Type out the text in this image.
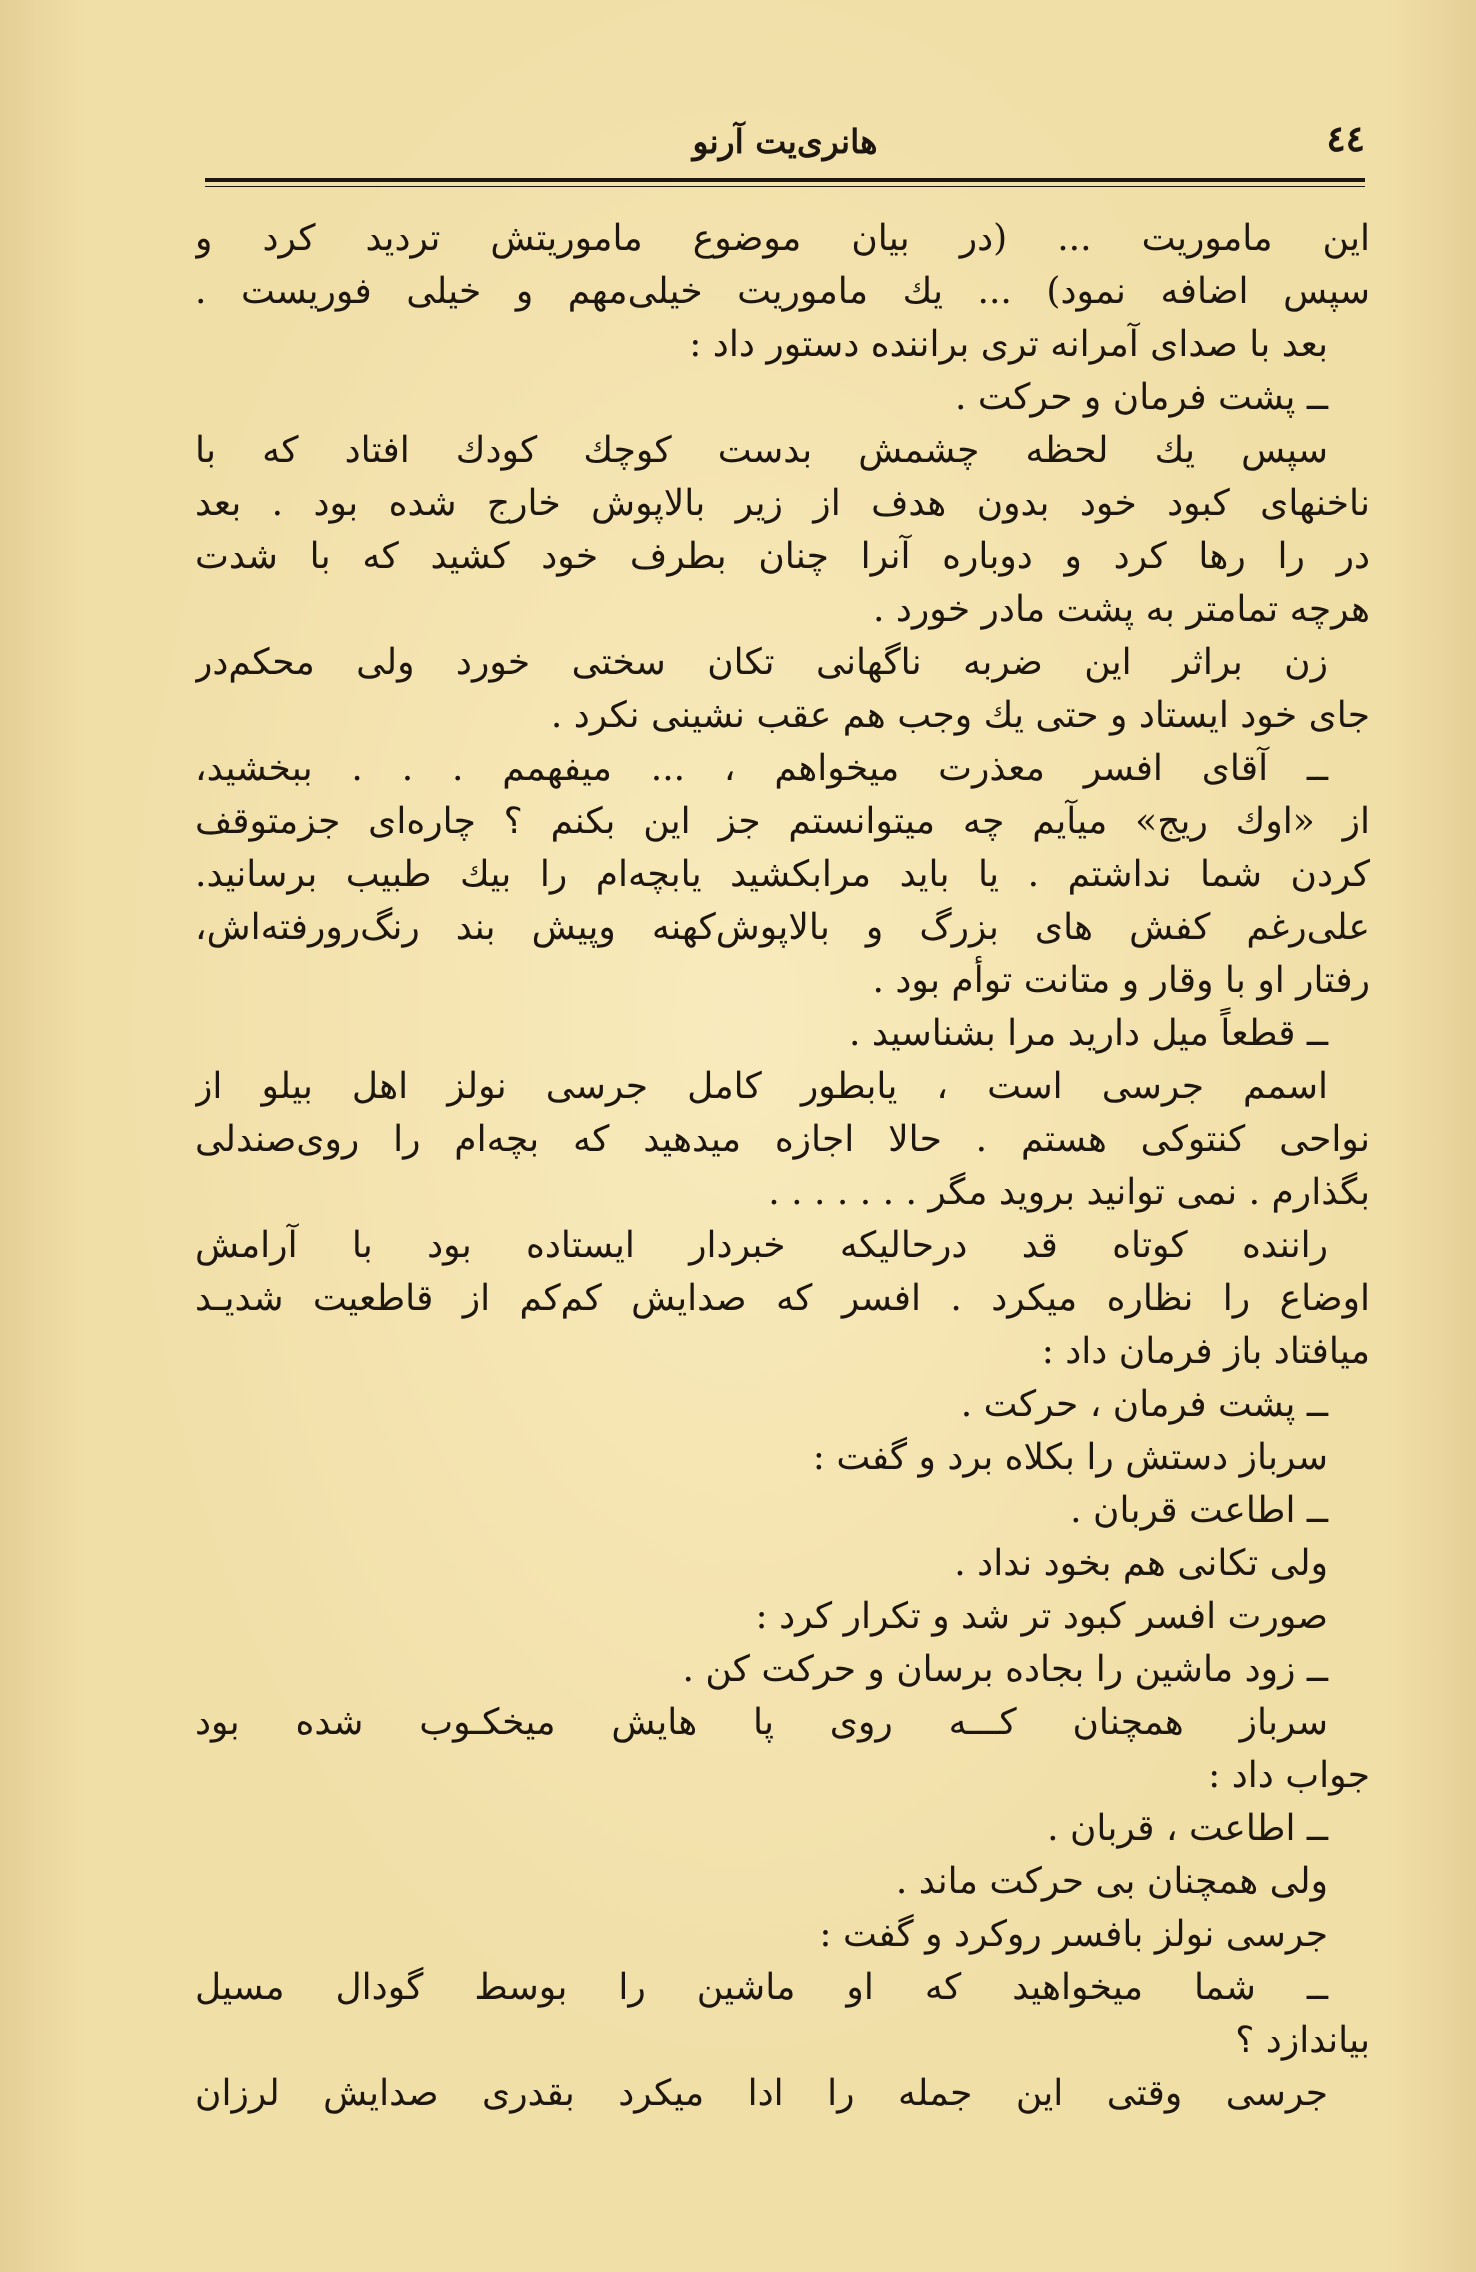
٤٤
هانری‌یت آرنو
این ماموریت ... (در بیان موضوع ماموریتش تردید کرد و
سپس اضافه نمود) ... یك ماموریت خیلی‌مهم و خیلی فوریست .
بعد با صدای آمرانه تری براننده دستور داد :
ــ پشت فرمان و حرکت .
سپس یك لحظه چشمش بدست کوچك کودك افتاد که با
ناخنهای کبود خود بدون هدف از زیر بالاپوش خارج شده بود . بعد
در را رها کرد و دوباره آنرا چنان بطرف خود کشید که با شدت
هرچه تمامتر به پشت مادر خورد .
زن براثر این ضربه ناگهانی تکان سختی خورد ولی محکم‌در
جای خود ایستاد و حتی یك وجب هم عقب نشینی نکرد .
ــ آقای افسر معذرت میخواهم ، ... میفهمم . . . ببخشید،
از «اوك ریج» میآیم چه میتوانستم جز این بکنم ؟ چاره‌ای جزمتوقف
کردن شما نداشتم . یا باید مرابکشید یابچه‌ام را بیك طبیب برسانید.
علی‌رغم کفش های بزرگ و بالاپوش‌کهنه وپیش بند رنگ‌رورفته‌اش،
رفتار او با وقار و متانت توأم بود .
ــ قطعاً میل دارید مرا بشناسید .
اسمم جرسی است ، یابطور کامل جرسی نولز اهل بیلو از
نواحی کنتوکی هستم . حالا اجازه میدهید که بچه‌ام را روی‌صندلی
بگذارم . نمی توانید بروید مگر . . . . . . .
راننده کوتاه قد درحالیکه خبردار ایستاده بود با آرامش
اوضاع را نظاره میکرد . افسر که صدایش کم‌کم از قاطعیت شدیـد
میافتاد باز فرمان داد :
ــ پشت فرمان ، حرکت .
سرباز دستش را بکلاه برد و گفت :
ــ اطاعت قربان .
ولی تکانی هم بخود نداد .
صورت افسر کبود تر شد و تکرار کرد :
ــ زود ماشین را بجاده برسان و حرکت کن .
سرباز همچنان کـــه روی پا هایش میخکـوب شده بود
جواب داد :
ــ اطاعت ، قربان .
ولی همچنان بی حرکت ماند .
جرسی نولز بافسر روکرد و گفت :
ــ شما میخواهید که او ماشین را بوسط گودال مسیل
بیاندازد ؟
جرسی وقتی این جمله را ادا میکرد بقدری صدایش لرزان
